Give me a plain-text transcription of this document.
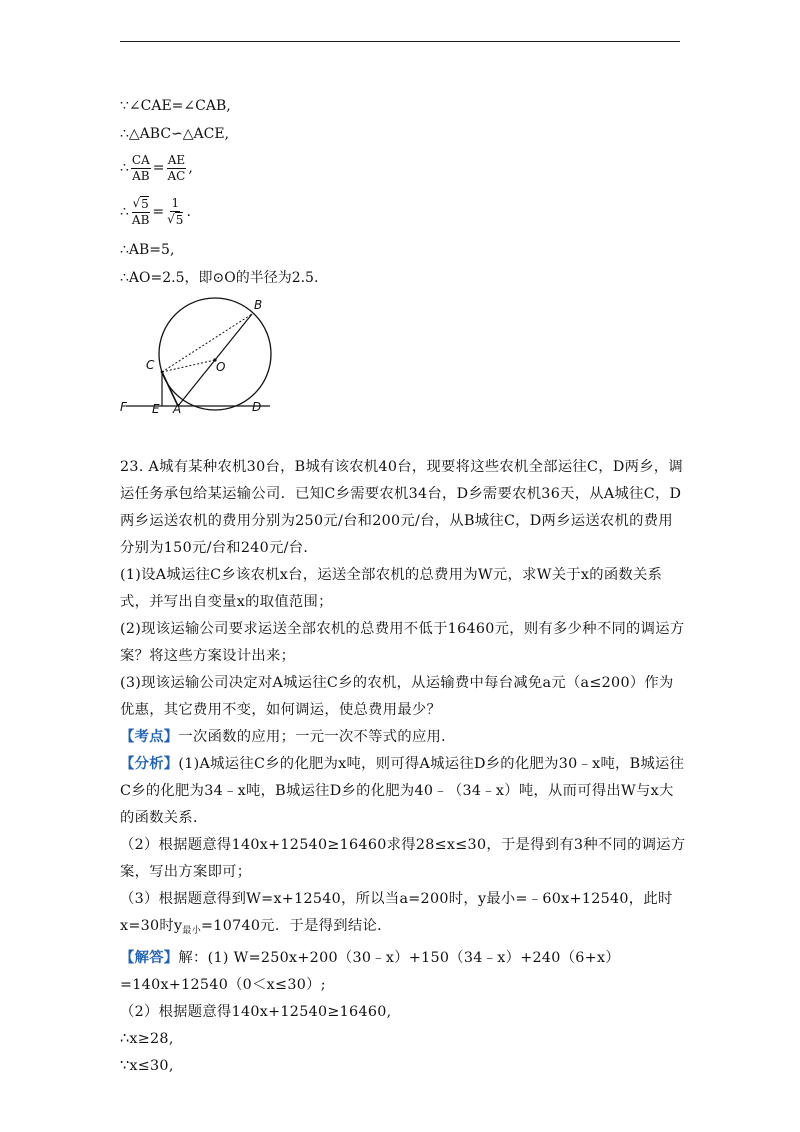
∵∠CAE=∠CAB,
∴△ABC∽△ACE,
∴ $\frac{CA}{AB} = \frac{AE}{AC}$ ,
∴ $\frac{√ 5}{AB} = \frac{1}{√ 5}$ .
∴AB=5,
∴AO=2.5，即⊙O的半径为2.5.
B
C	O
F E A	D
23. A城有某种农机30台，B城有该农机40台，现要将这些农机全部运往C，D两乡，调运任务承包给某运输公司．已知C乡需要农机34台，D乡需要农机36天，从A城往C，D两乡运送农机的费用分别为250元/台和200元/台，从B城往C，D两乡运送农机的费用分别为150元/台和240元/台．
(1)设A城运往C乡该农机x台，运送全部农机的总费用为W元，求W关于x的函数关系式，并写出自变量x的取值范围；
(2)现该运输公司要求运送全部农机的总费用不低于16460元，则有多少种不同的调运方案？将这些方案设计出来；
(3)现该运输公司决定对A城运往C乡的农机，从运输费中每台减免a元（a≤200）作为优惠，其它费用不变，如何调运，使总费用最少？
【考点】一次函数的应用；一元一次不等式的应用．
【分析】(1)A城运往C乡的化肥为x吨，则可得A城运往D乡的化肥为30﹣x吨，B城运往C乡的化肥为34﹣x吨，B城运往D乡的化肥为40﹣（34﹣x）吨，从而可得出W与x大的函数关系．
（2）根据题意得140x+12540≥16460求得28≤x≤30，于是得到有3种不同的调运方案，写出方案即可；
（3）根据题意得到W=x+12540，所以当a=200时，y最小=﹣60x+12540，此时x=30时$y_{最小}=10740$元．于是得到结论．
【解答】解：(1) W=250x+200（30﹣x）+150（34﹣x）+240（6+x）=140x+12540（0＜x≤30）;
（2）根据题意得140x+12540≥16460,
∴x≥28,
∵x≤30,
